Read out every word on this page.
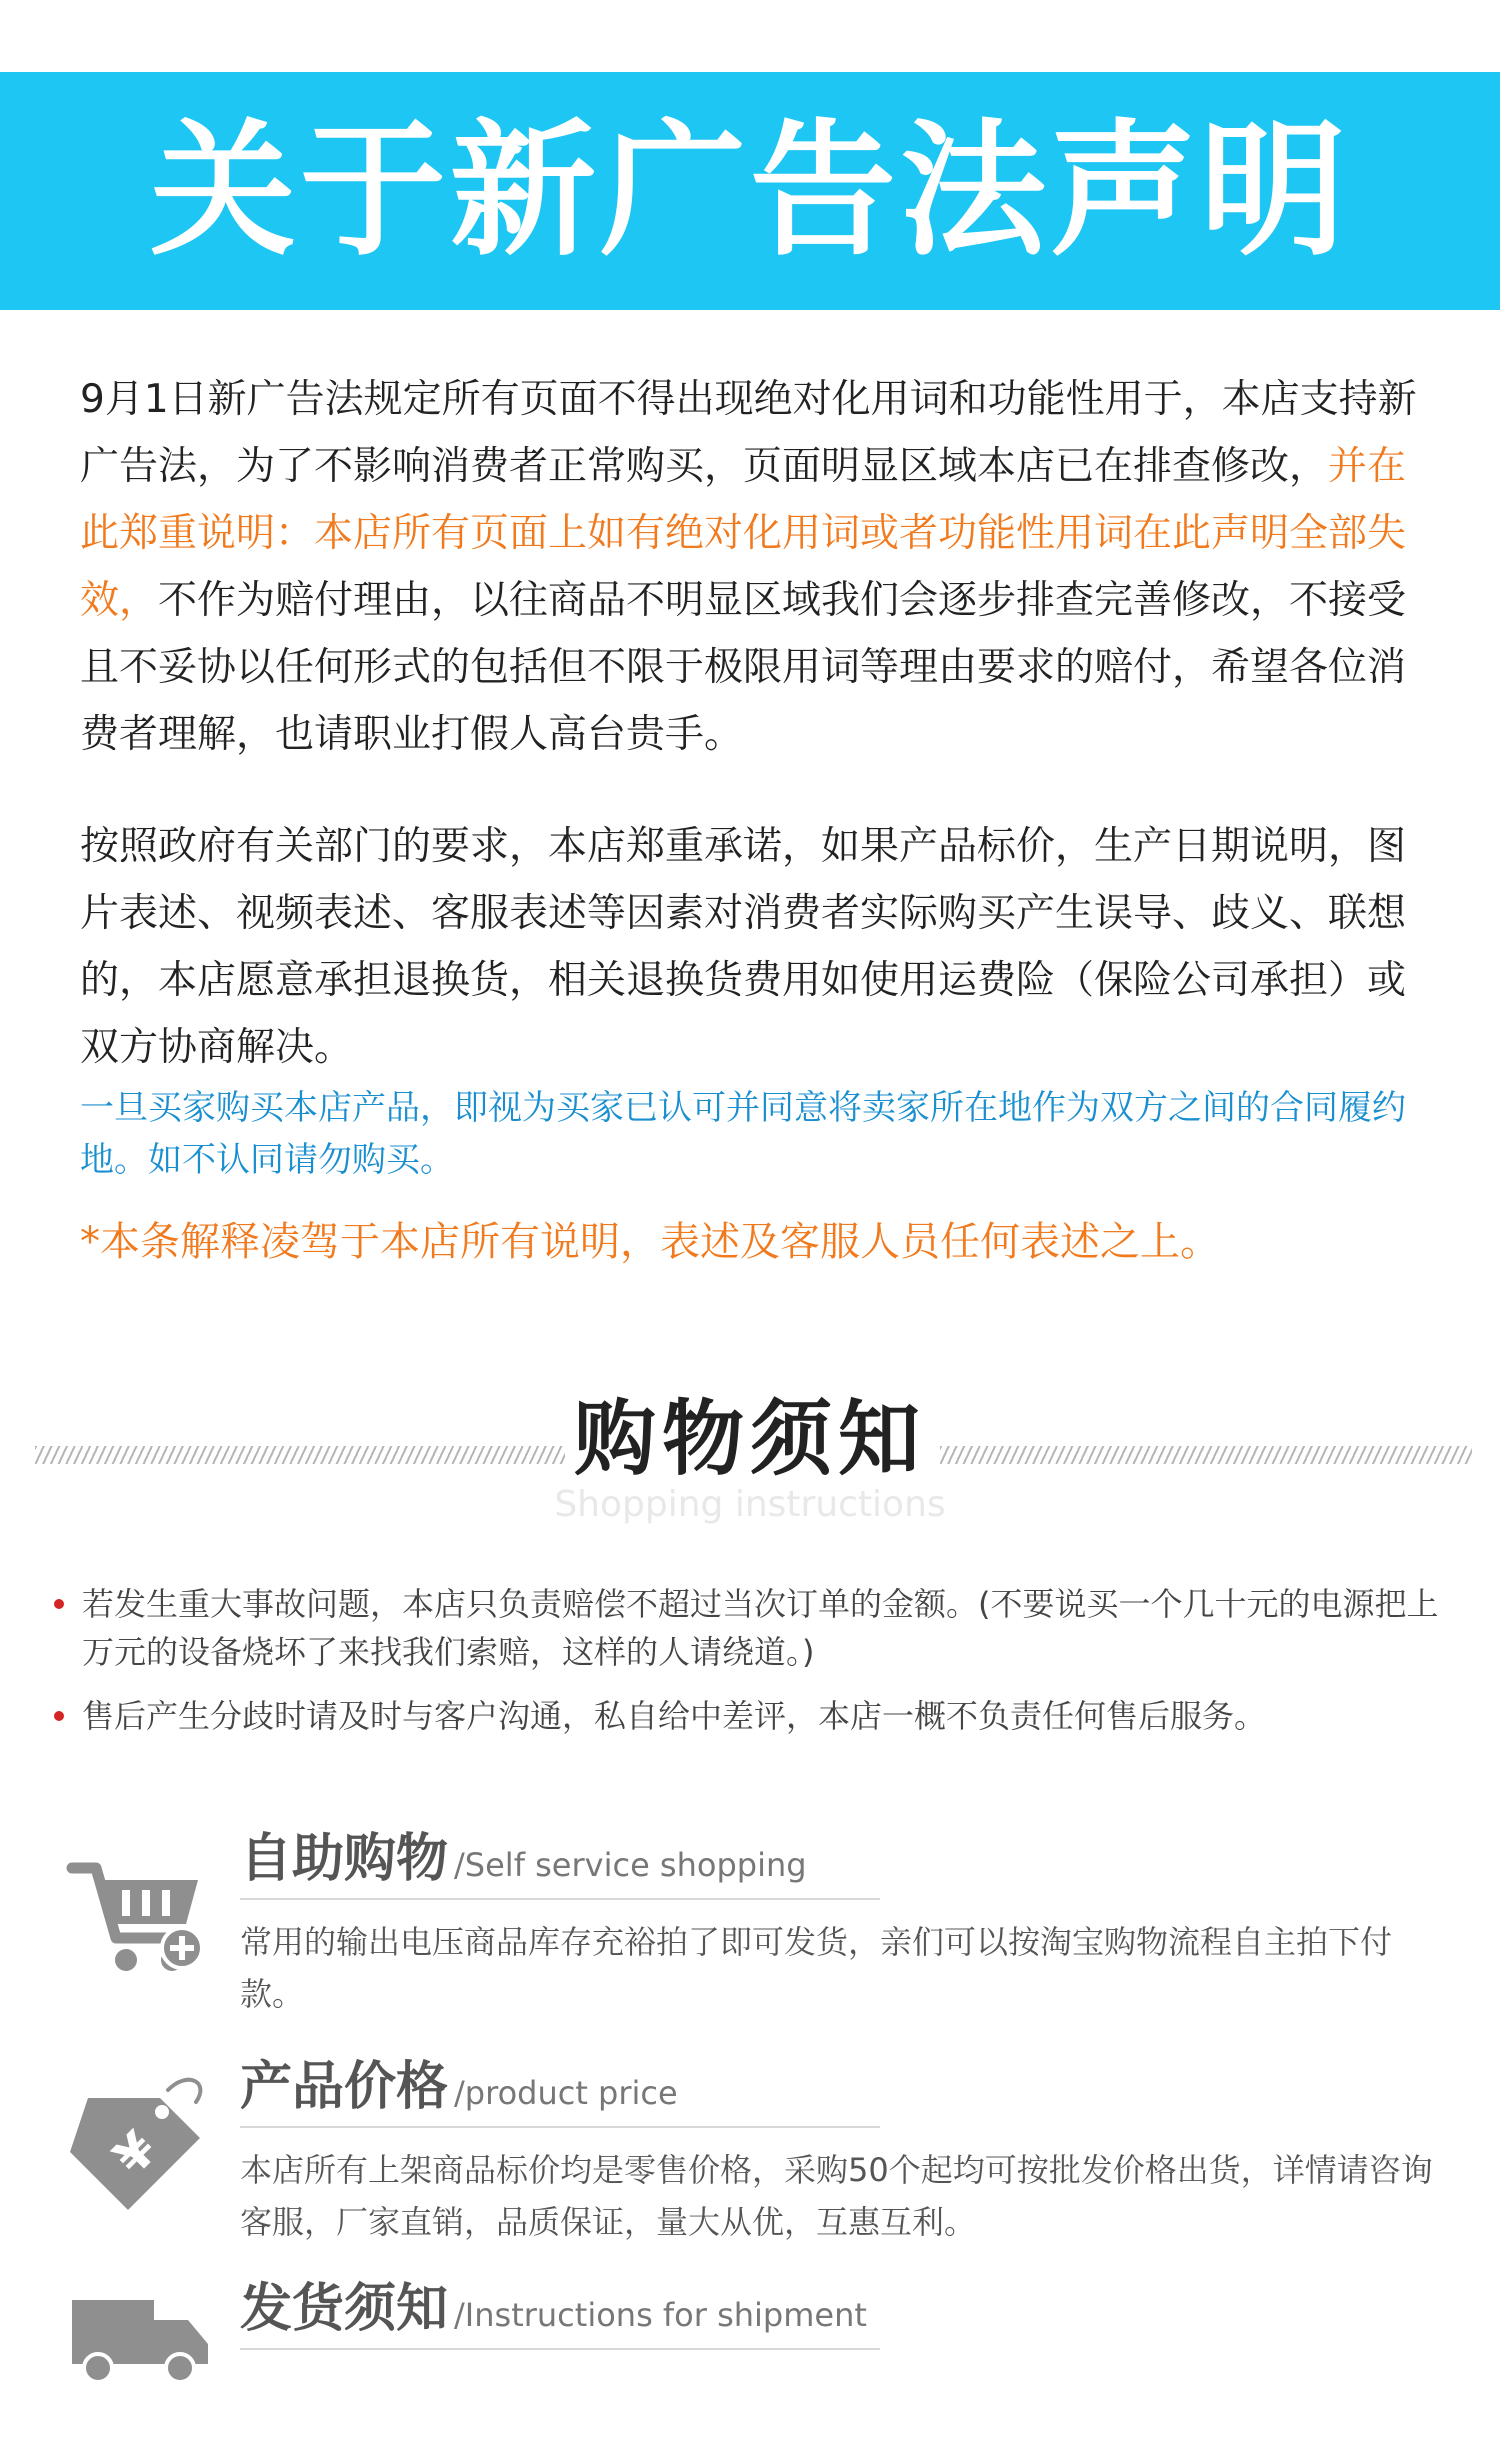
关于新广告法声明

9月1日新广告法规定所有页面不得出现绝对化用词和功能性用于，本店支持新广告法，为了不影响消费者正常购买，页面明显区域本店已在排查修改，并在此郑重说明：本店所有页面上如有绝对化用词或者功能性用词在此声明全部失效，不作为赔付理由，以往商品不明显区域我们会逐步排查完善修改，不接受且不妥协以任何形式的包括但不限于极限用词等理由要求的赔付，希望各位消费者理解，也请职业打假人高台贵手。

按照政府有关部门的要求，本店郑重承诺，如果产品标价，生产日期说明，图片表述、视频表述、客服表述等因素对消费者实际购买产生误导、歧义、联想的，本店愿意承担退换货，相关退换货费用如使用运费险（保险公司承担）或双方协商解决。

一旦买家购买本店产品，即视为买家已认可并同意将卖家所在地作为双方之间的合同履约地。如不认同请勿购买。

*本条解释凌驾于本店所有说明，表述及客服人员任何表述之上。

购物须知
Shopping instructions
若发生重大事故问题，本店只负责赔偿不超过当次订单的金额。(不要说买一个几十元的电源把上万元的设备烧坏了来找我们索赔，这样的人请绕道。)
售后产生分歧时请及时与客户沟通，私自给中差评，本店一概不负责任何售后服务。
自助购物 /Self service shopping

常用的输出电压商品库存充裕拍了即可发货，亲们可以按淘宝购物流程自主拍下付款。

¥
产品价格 /product price

本店所有上架商品标价均是零售价格，采购50个起均可按批发价格出货，详情请咨询客服，厂家直销，品质保证，量大从优，互惠互利。

发货须知 /Instructions for shipment
